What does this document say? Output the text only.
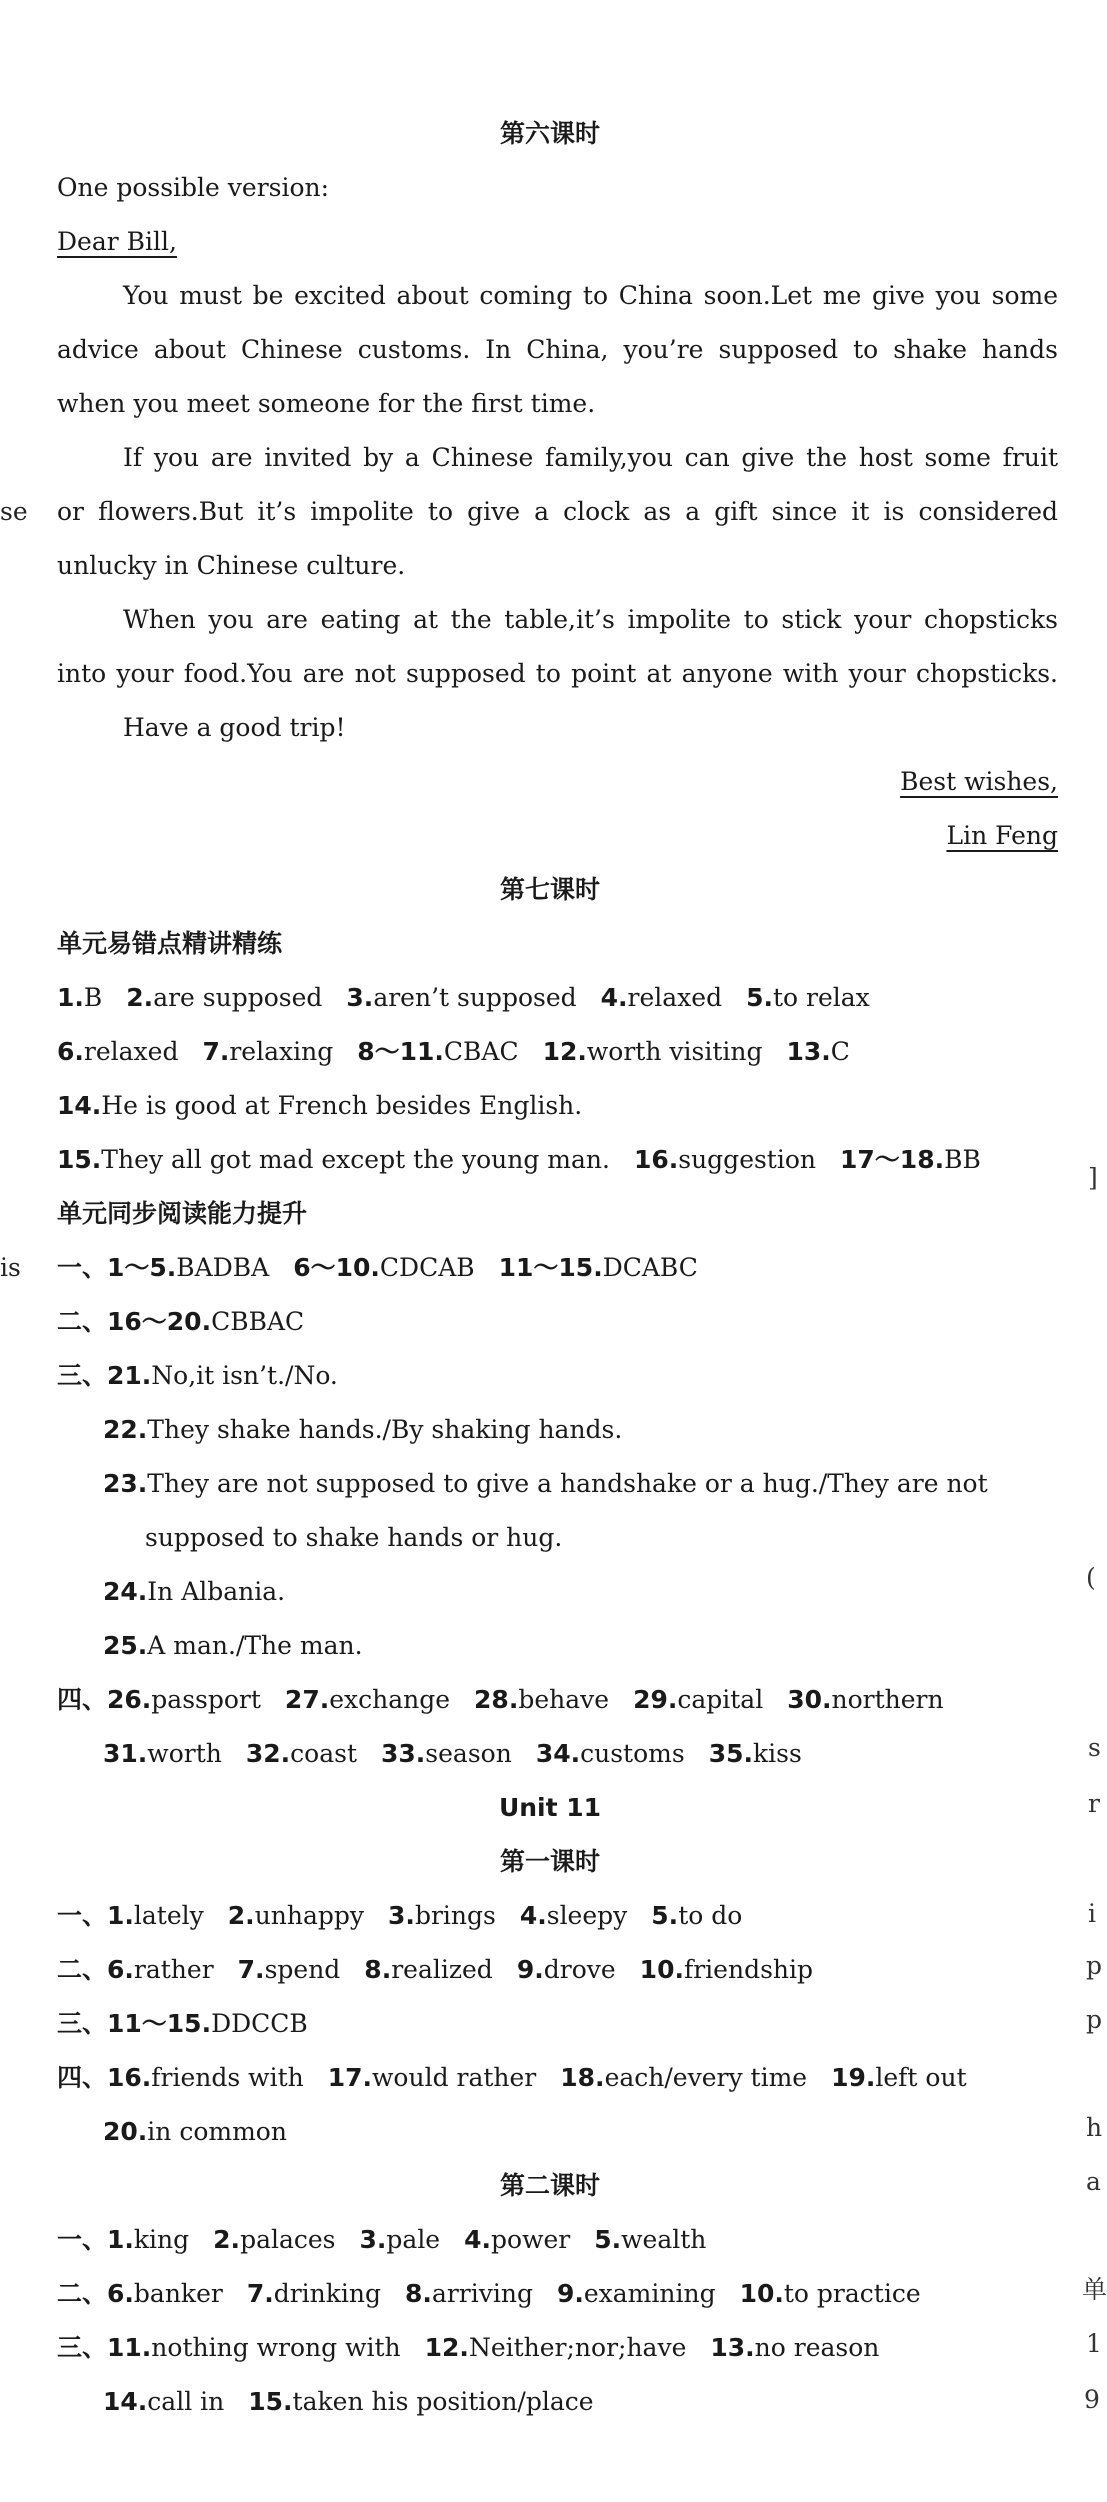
第六课时
One possible version:
Dear Bill,
You must be excited about coming to China soon.Let me give you some
advice about Chinese customs. In China, you’re supposed to shake hands
when you meet someone for the first time.
If you are invited by a Chinese family,you can give the host some fruit
or flowers.But it’s impolite to give a clock as a gift since it is considered
unlucky in Chinese culture.
When you are eating at the table,it’s impolite to stick your chopsticks
into your food.You are not supposed to point at anyone with your chopsticks.
Have a good trip!
Best wishes,
Lin Feng
第七课时
单元易错点精讲精练
1.B 2.are supposed 3.aren’t supposed 4.relaxed 5.to relax
6.relaxed 7.relaxing 8～11.CBAC 12.worth visiting 13.C
14.He is good at French besides English.
15.They all got mad except the young man. 16.suggestion 17～18.BB
单元同步阅读能力提升
一、1～5.BADBA 6～10.CDCAB 11～15.DCABC
二、16～20.CBBAC
三、21.No,it isn’t./No.
22.They shake hands./By shaking hands.
23.They are not supposed to give a handshake or a hug./They are not
supposed to shake hands or hug.
24.In Albania.
25.A man./The man.
四、26.passport 27.exchange 28.behave 29.capital 30.northern
31.worth 32.coast 33.season 34.customs 35.kiss
Unit 11
第一课时
一、1.lately 2.unhappy 3.brings 4.sleepy 5.to do
二、6.rather 7.spend 8.realized 9.drove 10.friendship
三、11～15.DDCCB
四、16.friends with 17.would rather 18.each/every time 19.left out
20.in common
第二课时
一、1.king 2.palaces 3.pale 4.power 5.wealth
二、6.banker 7.drinking 8.arriving 9.examining 10.to practice
三、11.nothing wrong with 12.Neither;nor;have 13.no reason
14.call in 15.taken his position/place
se
is
]
(
s
r
i
p
p
h
a
单
1
9
